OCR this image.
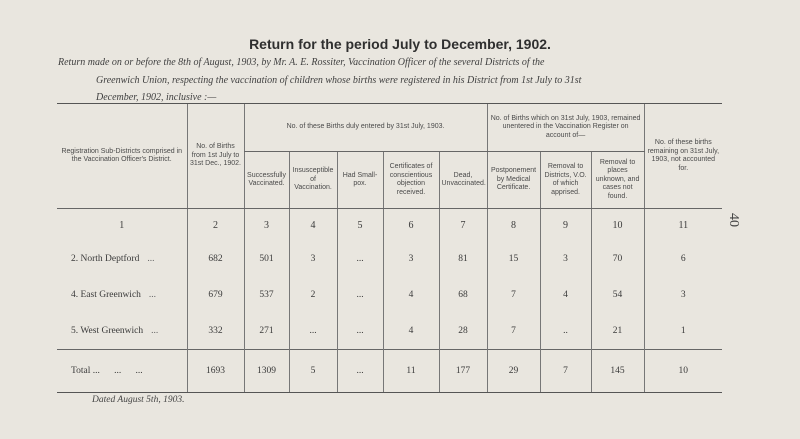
Return for the period July to December, 1902.

Return made on or before the 8th of August, 1903, by Mr. A. E. Rossiter, Vaccination Officer of the several Districts of the

Greenwich Union, respecting the vaccination of children whose births were registered in his District from 1st July to 31st

December, 1902, inclusive :—

40
Registration Sub-Districts comprised in the Vaccination Officer's District.	No. of Births from 1st July to 31st Dec., 1902.	No. of these Births duly entered by 31st July, 1903.					No. of Births which on 31st July, 1903, remained unentered in the Vaccination Register on account of—			No. of these births remaining on 31st July, 1903, not accounted for.
		Successfully Vaccinated.	Insusceptible of Vaccination.	Had Small-pox.	Certificates of conscientious objection received.	Dead, Unvaccinated.	Postponement by Medical Certificate.	Removal to Districts, V.O. of which apprised.	Removal to places unknown, and cases not found.	
1	2	3	4	5	6	7	8	9	10	11
2. North Deptford ...	682	501	3	...	3	81	15	3	70	6
4. East Greenwich ...	679	537	2	...	4	68	7	4	54	3
5. West Greenwich ...	332	271	...	...	4	28	7	..	21	1
Total ...      ...      ...	1693	1309	5	...	11	177	29	7	145	10
Dated August 5th, 1903.
